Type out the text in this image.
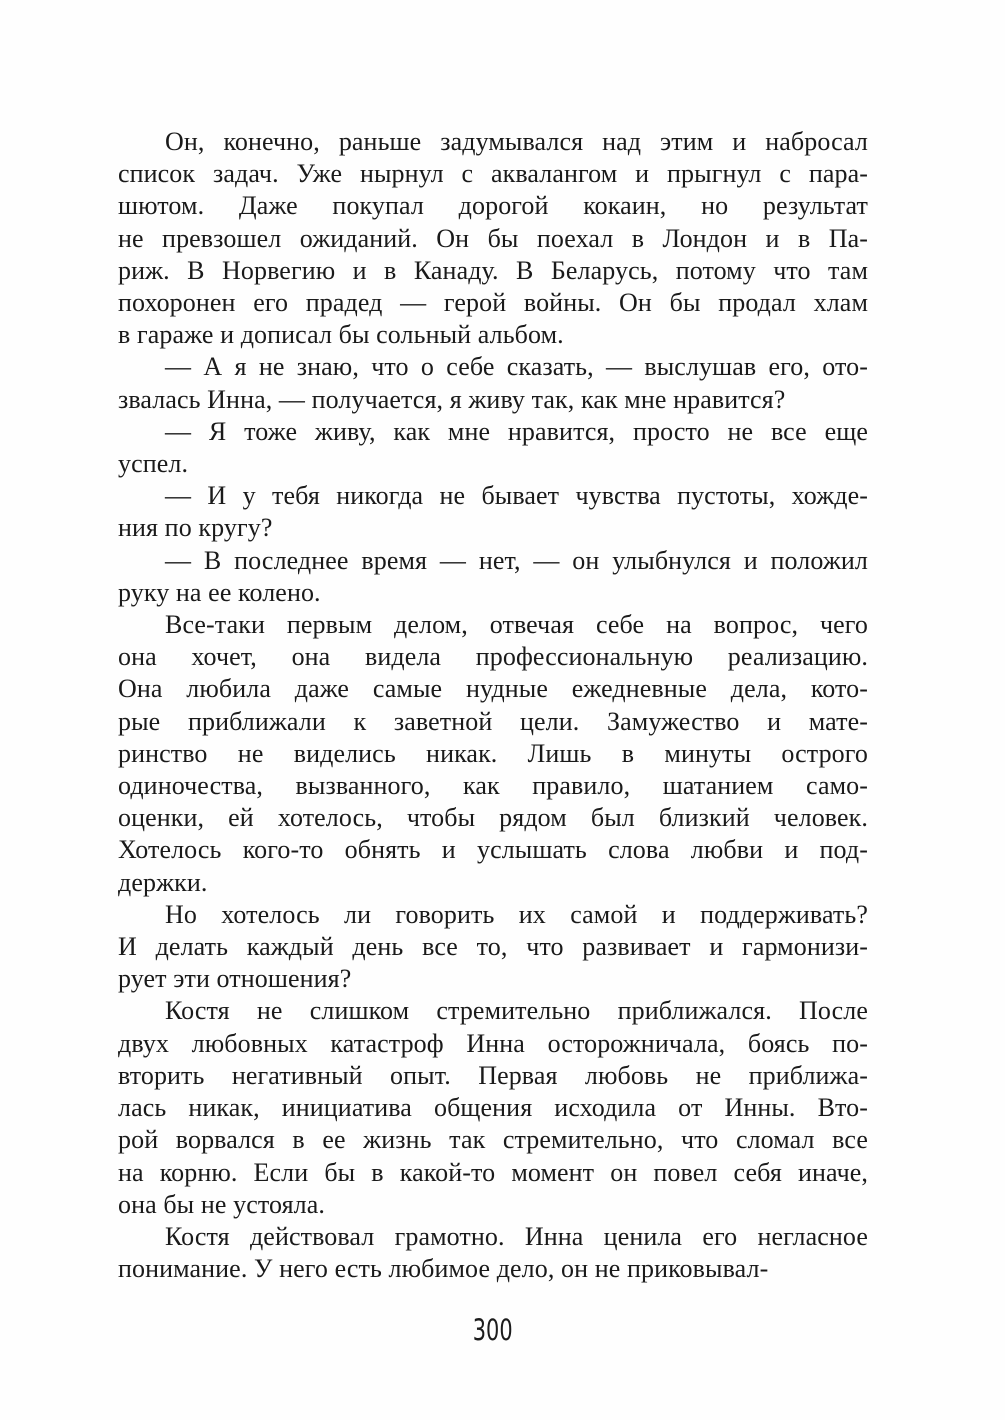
Он, конечно, раньше задумывался над этим и набросал
список задач. Уже нырнул с аквалангом и прыгнул с пара-
шютом. Даже покупал дорогой кокаин, но результат
не превзошел ожиданий. Он бы поехал в Лондон и в Па-
риж. В Норвегию и в Канаду. В Беларусь, потому что там
похоронен его прадед — герой войны. Он бы продал хлам
в гараже и дописал бы сольный альбом.
— А я не знаю, что о себе сказать, — выслушав его, ото-
звалась Инна, — получается, я живу так, как мне нравится?
— Я тоже живу, как мне нравится, просто не все еще
успел.
— И у тебя никогда не бывает чувства пустоты, хожде-
ния по кругу?
— В последнее время — нет, — он улыбнулся и положил
руку на ее колено.
Все-таки первым делом, отвечая себе на вопрос, чего
она хочет, она видела профессиональную реализацию.
Она любила даже самые нудные ежедневные дела, кото-
рые приближали к заветной цели. Замужество и мате-
ринство не виделись никак. Лишь в минуты острого
одиночества, вызванного, как правило, шатанием само-
оценки, ей хотелось, чтобы рядом был близкий человек.
Хотелось кого-то обнять и услышать слова любви и под-
держки.
Но хотелось ли говорить их самой и поддерживать?
И делать каждый день все то, что развивает и гармонизи-
рует эти отношения?
Костя не слишком стремительно приближался. После
двух любовных катастроф Инна осторожничала, боясь по-
вторить негативный опыт. Первая любовь не приближа-
лась никак, инициатива общения исходила от Инны. Вто-
рой ворвался в ее жизнь так стремительно, что сломал все
на корню. Если бы в какой-то момент он повел себя иначе,
она бы не устояла.
Костя действовал грамотно. Инна ценила его негласное
понимание. У него есть любимое дело, он не приковывал-
300
